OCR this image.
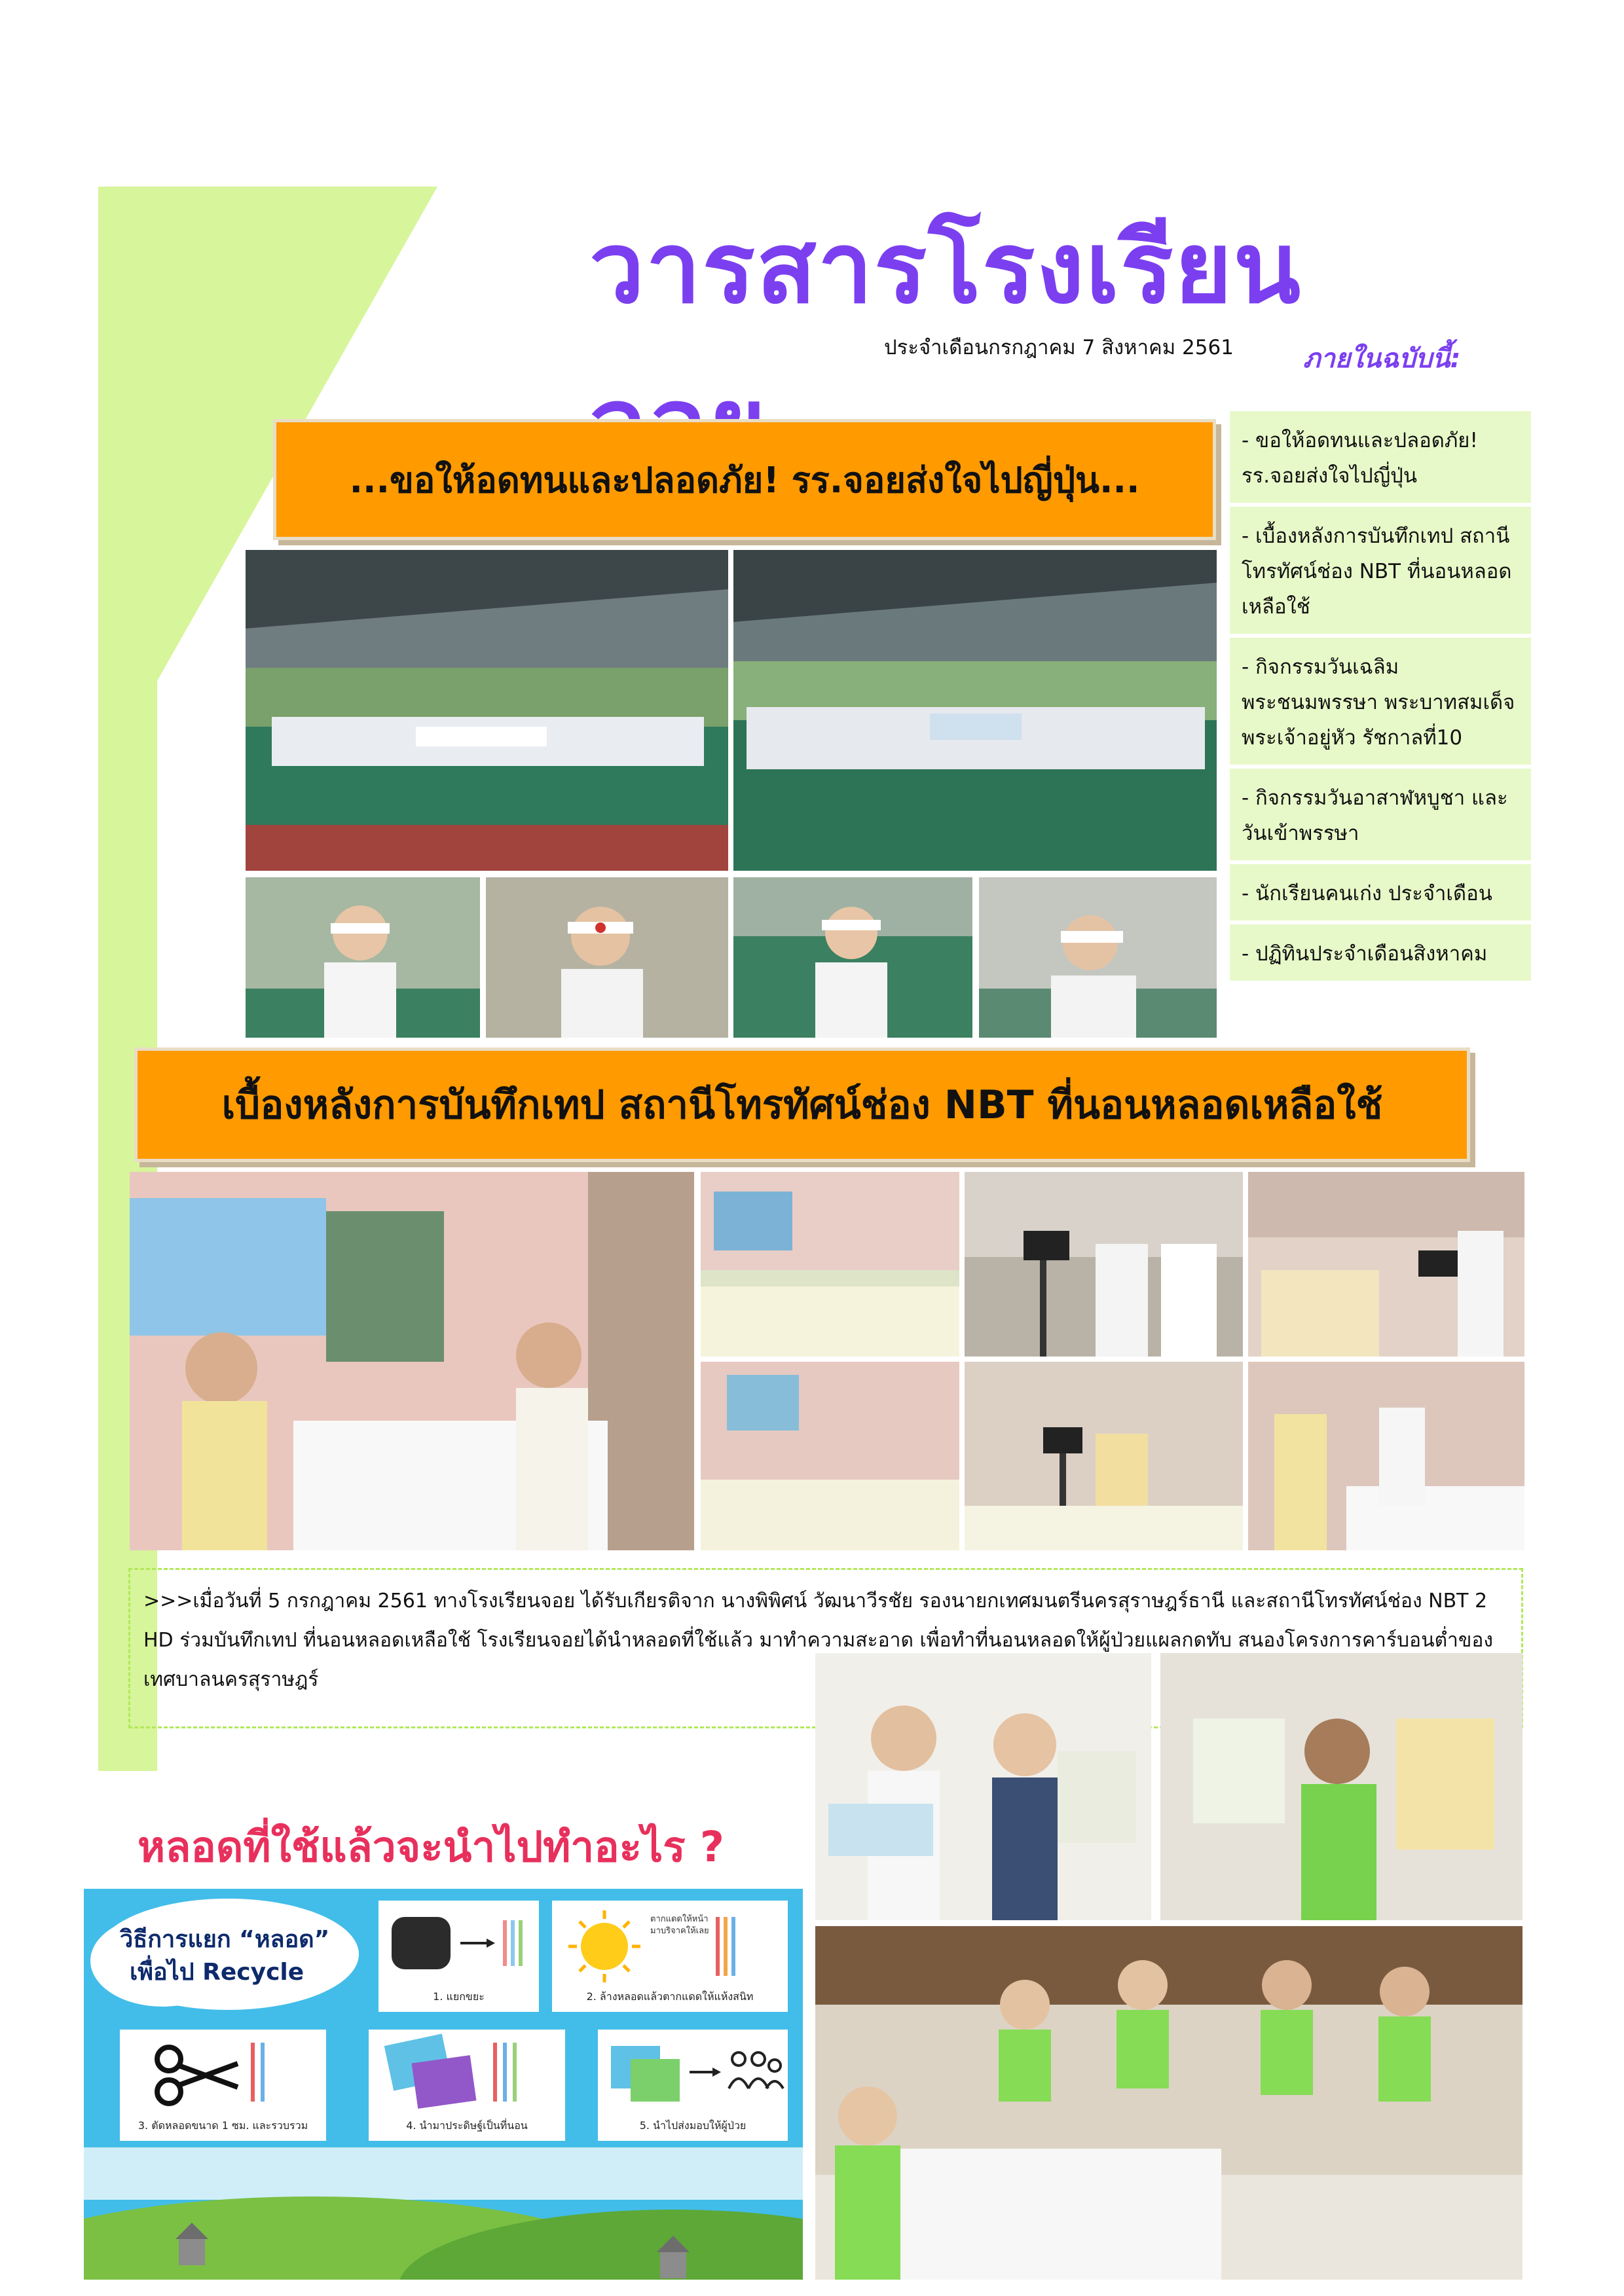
วารสารโรงเรียน
ประจำเดือนกรกฎาคม 7 สิงหาคม 2561	ภายในฉบับนี้:
...ขอให้อดทนและปลอดภัย! รร.จอยส่งใจไปญี่ปุ่น...
- ขอให้อดทนและปลอดภัย! รร.จอยส่งใจไปญี่ปุ่น
- เบื้องหลังการบันทึกเทป สถานีโทรทัศน์ช่อง NBT ที่นอนหลอดเหลือใช้
- กิจกรรมวันเฉลิมพระชนมพรรษา พระบาทสมเด็จพระเจ้าอยู่หัว รัชกาลที่10
- กิจกรรมวันอาสาฬหบูชา และวันเข้าพรรษา
- นักเรียนคนเก่ง ประจำเดือน
- ปฏิทินประจำเดือนสิงหาคม
เบื้องหลังการบันทึกเทป สถานีโทรทัศน์ช่อง NBT ที่นอนหลอดเหลือใช้
>>>เมื่อวันที่ 5 กรกฎาคม 2561 ทางโรงเรียนจอย ได้รับเกียรติจาก นางพิพิศน์ วัฒนาวีรชัย รองนายกเทศมนตรีนครสุราษฎร์ธานี และสถานีโทรทัศน์ช่อง NBT 2 HD ร่วมบันทึกเทป ที่นอนหลอดเหลือใช้ โรงเรียนจอยได้นำหลอดที่ใช้แล้ว มาทำความสะอาด เพื่อทำที่นอนหลอดให้ผู้ป่วยแผลกดทับ สนองโครงการคาร์บอนต่ำของเทศบาลนครสุราษฎร์
หลอดที่ใช้แล้วจะนำไปทำอะไร ?
วิธีการแยก “หลอด”
เพื่อไป Recycle
1. แยกขยะ
ตากแดดให้หน้ามาบริจาคให้เลย
2. ล้างหลอดแล้วตากแดดให้แห้งสนิท
3. ตัดหลอดขนาด 1 ซม. และรวบรวม	4. นำมาประดิษฐ์เป็นที่นอน	5. นำไปส่งมอบให้ผู้ป่วย
